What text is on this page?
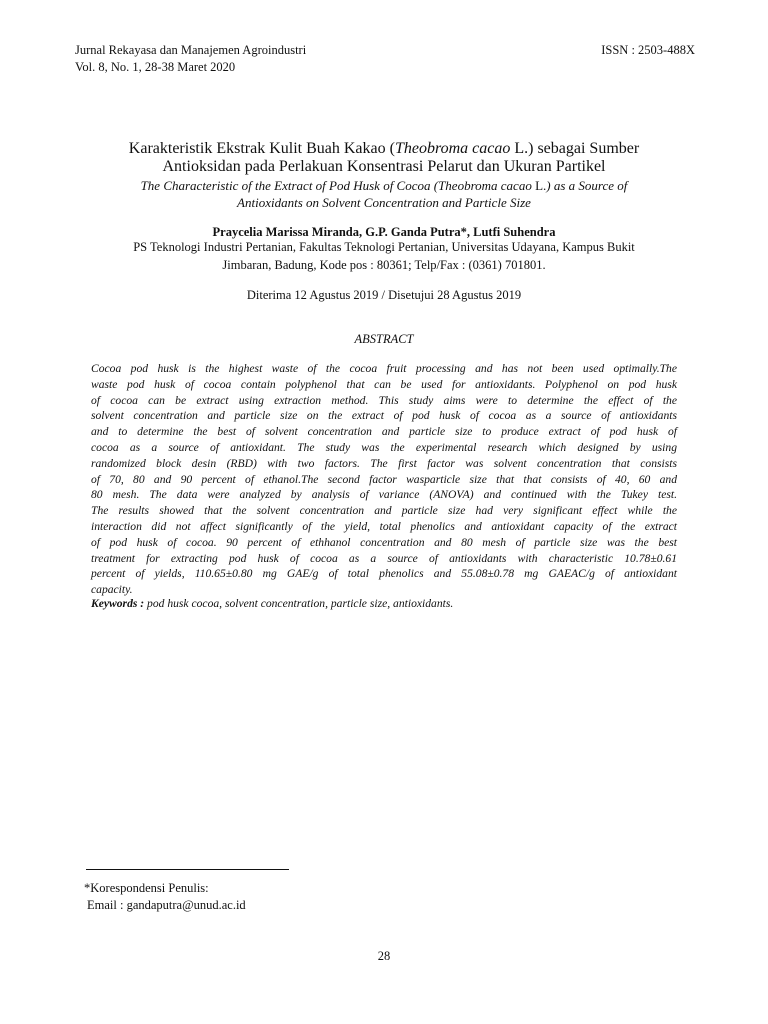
Jurnal Rekayasa dan Manajemen Agroindustri
Vol. 8, No. 1, 28-38 Maret 2020
ISSN : 2503-488X
Karakteristik Ekstrak Kulit Buah Kakao (Theobroma cacao L.) sebagai Sumber
Antioksidan pada Perlakuan Konsentrasi Pelarut dan Ukuran Partikel
The Characteristic of the Extract of Pod Husk of Cocoa (Theobroma cacao L.) as a Source of
Antioxidants on Solvent Concentration and Particle Size
Praycelia Marissa Miranda, G.P. Ganda Putra*, Lutfi Suhendra
PS Teknologi Industri Pertanian, Fakultas Teknologi Pertanian, Universitas Udayana, Kampus Bukit
Jimbaran, Badung, Kode pos : 80361; Telp/Fax : (0361) 701801.
Diterima 12 Agustus 2019 / Disetujui 28 Agustus 2019
ABSTRACT
Cocoa pod husk is the highest waste of the cocoa fruit processing and has not been used optimally.The
waste pod husk of cocoa contain polyphenol that can be used for antioxidants. Polyphenol on pod husk
of cocoa can be extract using extraction method. This study aims were to determine the effect of the
solvent concentration and particle size on the extract of pod husk of cocoa as a source of antioxidants
and to determine the best of solvent concentration and particle size to produce extract of pod husk of
cocoa as a source of antioxidant. The study was the experimental research which designed by using
randomized block desin (RBD) with two factors. The first factor was solvent concentration that consists
of 70, 80 and 90 percent of ethanol.The second factor wasparticle size that that consists of 40, 60 and
80 mesh. The data were analyzed by analysis of variance (ANOVA) and continued with the Tukey test.
The results showed that the solvent concentration and particle size had very significant effect while the
interaction did not affect significantly of the yield, total phenolics and antioxidant capacity of the extract
of pod husk of cocoa. 90 percent of ethhanol concentration and 80 mesh of particle size was the best
treatment for extracting pod husk of cocoa as a source of antioxidants with characteristic 10.78±0.61
percent of yields, 110.65±0.80 mg GAE/g of total phenolics and 55.08±0.78 mg GAEAC/g of antioxidant
capacity.
Keywords : pod husk cocoa, solvent concentration, particle size, antioxidants.
*Korespondensi Penulis:
Email : gandaputra@unud.ac.id
28
